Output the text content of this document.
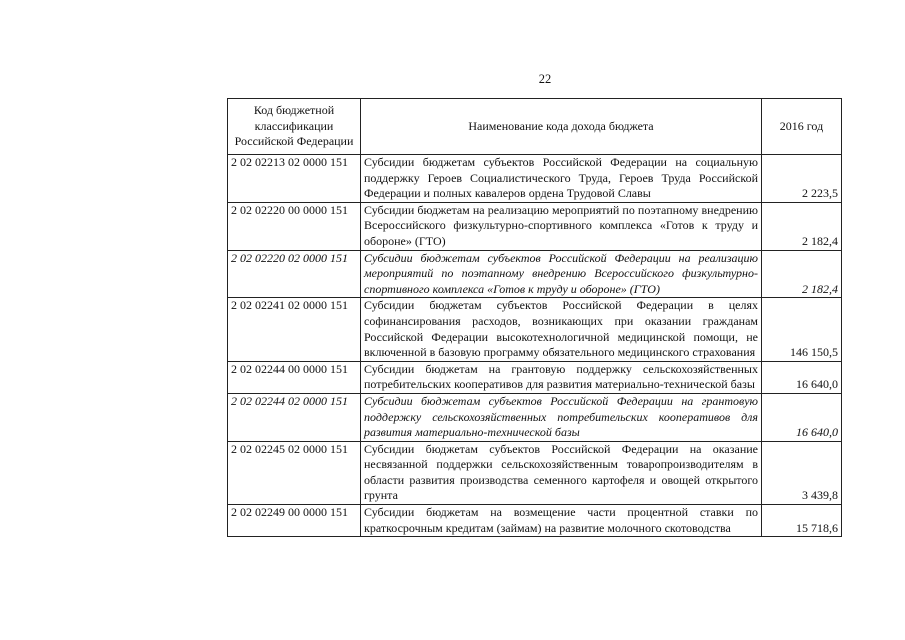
22
Код бюджетной классификации Российской Федерации	Наименование кода дохода бюджета	2016 год
2 02 02213 02 0000 151	Субсидии бюджетам субъектов Российской Федерации на социальную поддержку Героев Социалистического Труда, Героев Труда Российской Федерации и полных кавалеров ордена Трудовой Славы	2 223,5
2 02 02220 00 0000 151	Субсидии бюджетам на реализацию мероприятий по поэтапному внедрению Всероссийского физкультурно-спортивного комплекса «Готов к труду и обороне» (ГТО)	2 182,4
2 02 02220 02 0000 151	Субсидии бюджетам субъектов Российской Федерации на реализацию мероприятий по поэтапному внедрению Всероссийского физкультурно-спортивного комплекса «Готов к труду и обороне» (ГТО)	2 182,4
2 02 02241 02 0000 151	Субсидии бюджетам субъектов Российской Федерации в целях софинансирования расходов, возникающих при оказании гражданам Российской Федерации высокотехнологичной медицинской помощи, не включенной в базовую программу обязательного медицинского страхования	146 150,5
2 02 02244 00 0000 151	Субсидии бюджетам на грантовую поддержку сельскохозяйственных потребительских кооперативов для развития материально-технической базы	16 640,0
2 02 02244 02 0000 151	Субсидии бюджетам субъектов Российской Федерации на грантовую поддержку сельскохозяйственных потребительских кооперативов для развития материально-технической базы	16 640,0
2 02 02245 02 0000 151	Субсидии бюджетам субъектов Российской Федерации на оказание несвязанной поддержки сельскохозяйственным товаропроизводителям в области развития производства семенного картофеля и овощей открытого грунта	3 439,8
2 02 02249 00 0000 151	Субсидии бюджетам на возмещение части процентной ставки по краткосрочным кредитам (займам) на развитие молочного скотоводства	15 718,6
